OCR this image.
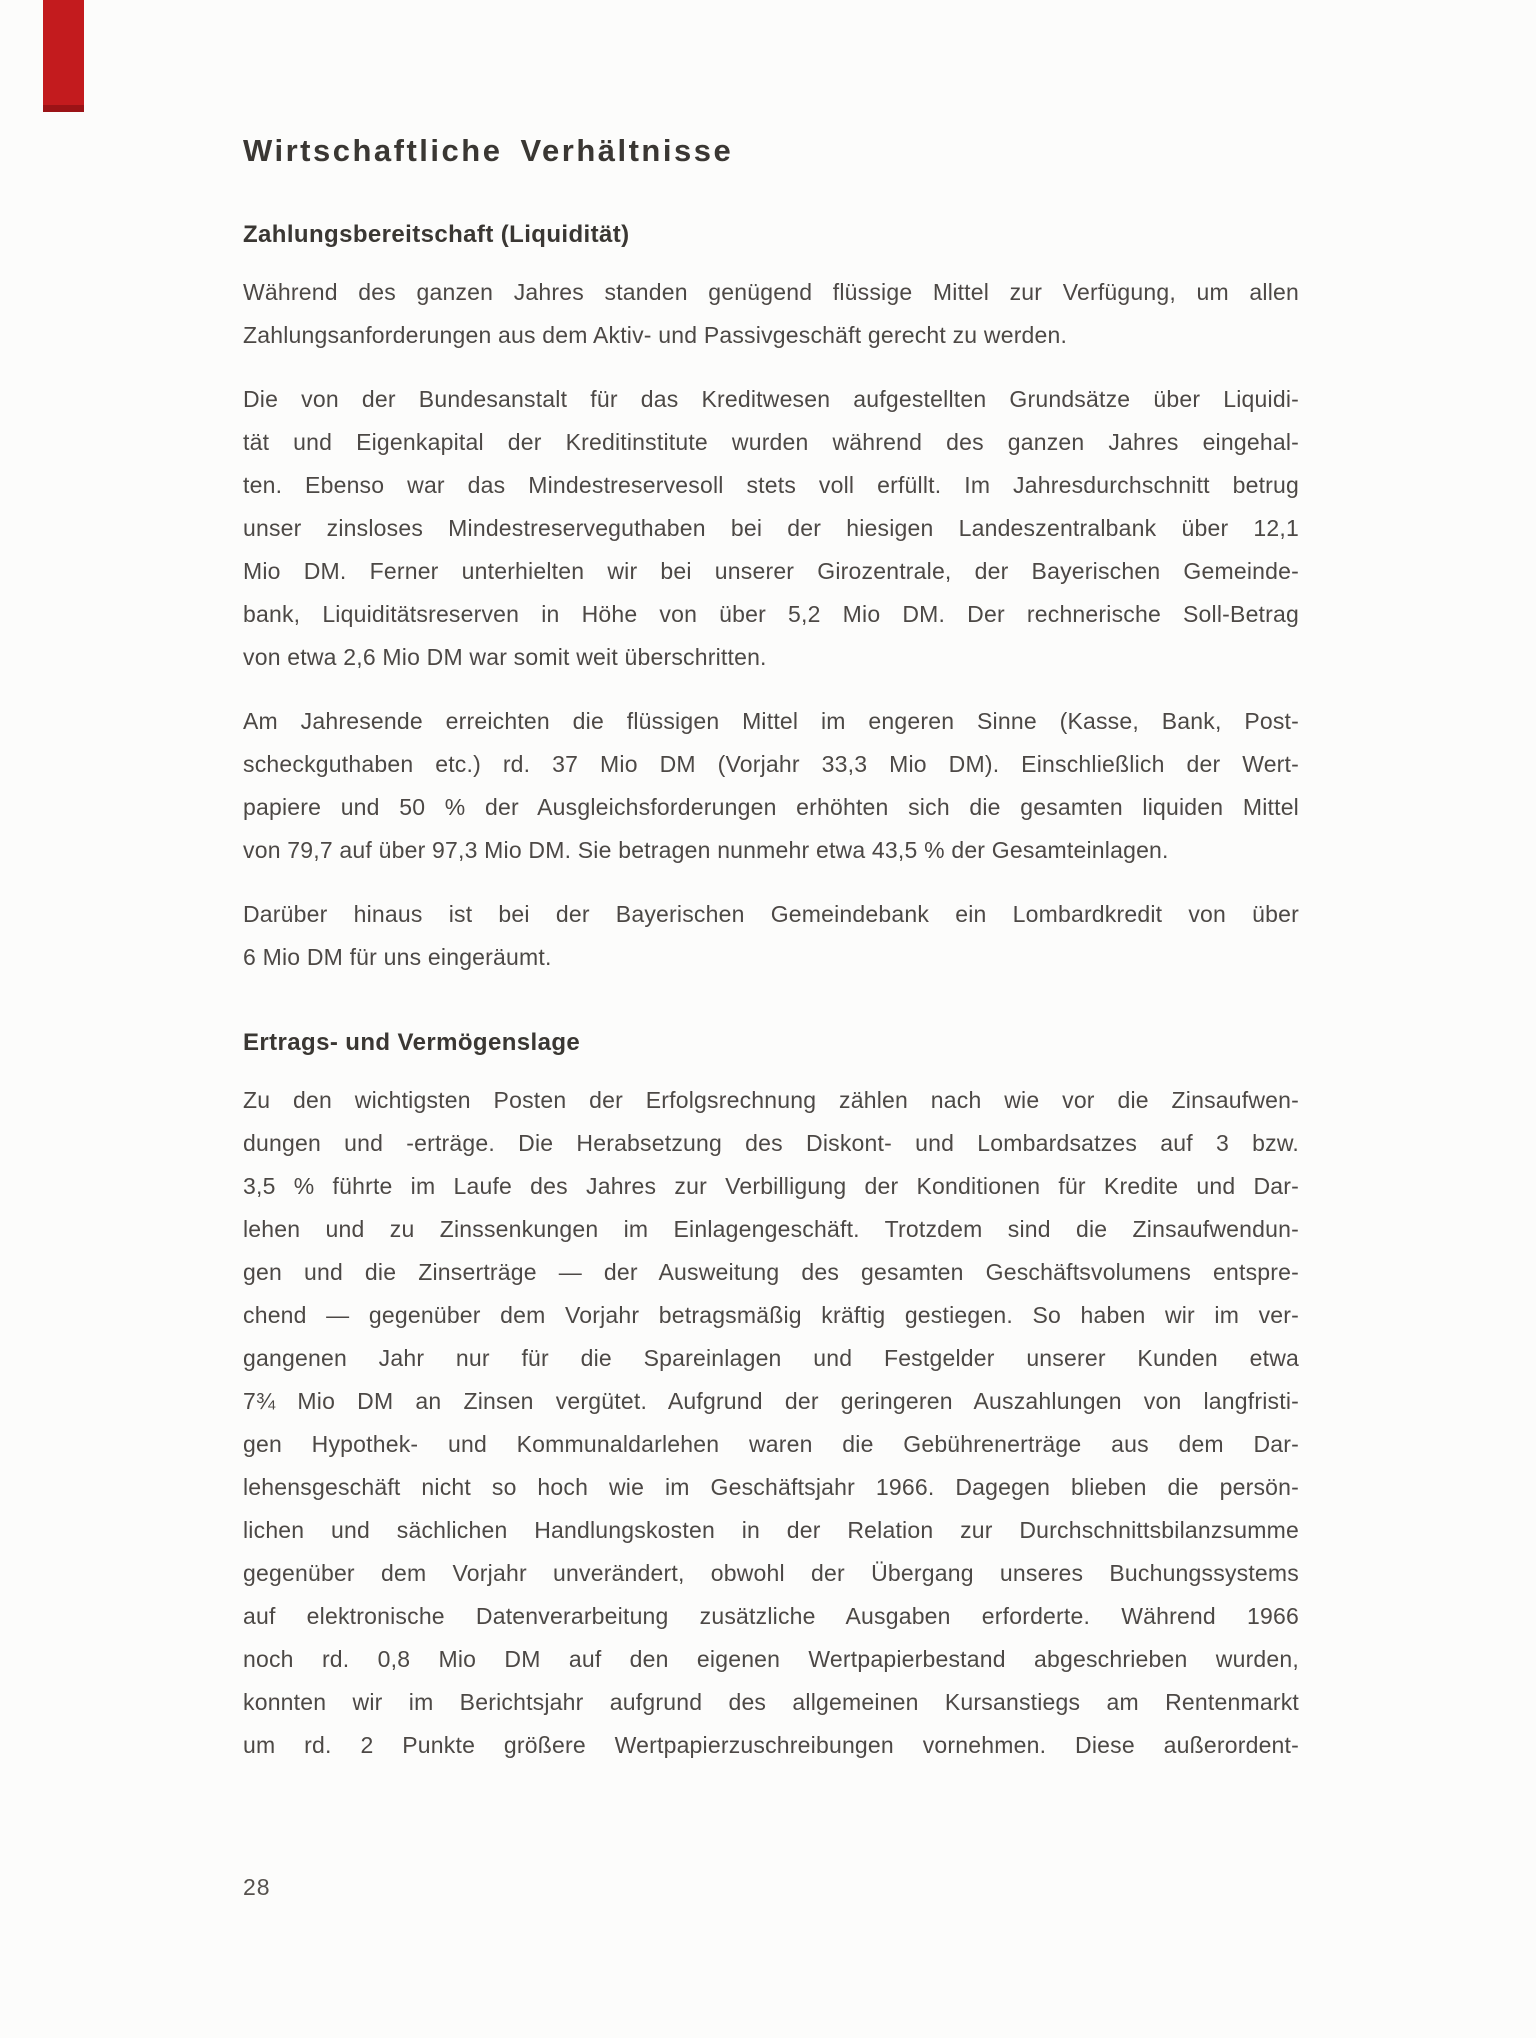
Wirtschaftliche Verhältnisse
Zahlungsbereitschaft (Liquidität)
Während des ganzen Jahres standen genügend flüssige Mittel zur Verfügung, um allen
Zahlungsanforderungen aus dem Aktiv- und Passivgeschäft gerecht zu werden.
Die von der Bundesanstalt für das Kreditwesen aufgestellten Grundsätze über Liquidi-
tät und Eigenkapital der Kreditinstitute wurden während des ganzen Jahres eingehal-
ten. Ebenso war das Mindestreservesoll stets voll erfüllt. Im Jahresdurchschnitt betrug
unser zinsloses Mindestreserveguthaben bei der hiesigen Landeszentralbank über 12,1
Mio DM. Ferner unterhielten wir bei unserer Girozentrale, der Bayerischen Gemeinde-
bank, Liquiditätsreserven in Höhe von über 5,2 Mio DM. Der rechnerische Soll-Betrag
von etwa 2,6 Mio DM war somit weit überschritten.
Am Jahresende erreichten die flüssigen Mittel im engeren Sinne (Kasse, Bank, Post-
scheckguthaben etc.) rd. 37 Mio DM (Vorjahr 33,3 Mio DM). Einschließlich der Wert-
papiere und 50 % der Ausgleichsforderungen erhöhten sich die gesamten liquiden Mittel
von 79,7 auf über 97,3 Mio DM. Sie betragen nunmehr etwa 43,5 % der Gesamteinlagen.
Darüber hinaus ist bei der Bayerischen Gemeindebank ein Lombardkredit von über
6 Mio DM für uns eingeräumt.
Ertrags- und Vermögenslage
Zu den wichtigsten Posten der Erfolgsrechnung zählen nach wie vor die Zinsaufwen-
dungen und -erträge. Die Herabsetzung des Diskont- und Lombardsatzes auf 3 bzw.
3,5 % führte im Laufe des Jahres zur Verbilligung der Konditionen für Kredite und Dar-
lehen und zu Zinssenkungen im Einlagengeschäft. Trotzdem sind die Zinsaufwendun-
gen und die Zinserträge — der Ausweitung des gesamten Geschäftsvolumens entspre-
chend — gegenüber dem Vorjahr betragsmäßig kräftig gestiegen. So haben wir im ver-
gangenen Jahr nur für die Spareinlagen und Festgelder unserer Kunden etwa
7¾ Mio DM an Zinsen vergütet. Aufgrund der geringeren Auszahlungen von langfristi-
gen Hypothek- und Kommunaldarlehen waren die Gebührenerträge aus dem Dar-
lehensgeschäft nicht so hoch wie im Geschäftsjahr 1966. Dagegen blieben die persön-
lichen und sächlichen Handlungskosten in der Relation zur Durchschnittsbilanzsumme
gegenüber dem Vorjahr unverändert, obwohl der Übergang unseres Buchungssystems
auf elektronische Datenverarbeitung zusätzliche Ausgaben erforderte. Während 1966
noch rd. 0,8 Mio DM auf den eigenen Wertpapierbestand abgeschrieben wurden,
konnten wir im Berichtsjahr aufgrund des allgemeinen Kursanstiegs am Rentenmarkt
um rd. 2 Punkte größere Wertpapierzuschreibungen vornehmen. Diese außerordent-
28
